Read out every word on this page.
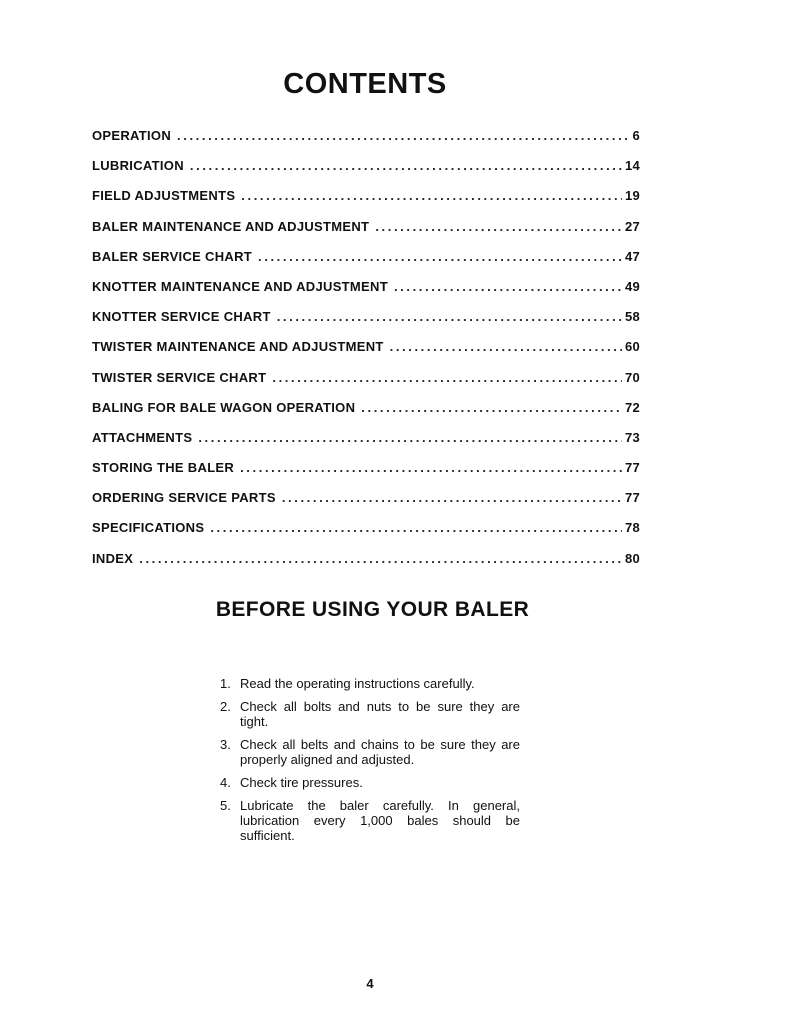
CONTENTS
OPERATION .....	6
LUBRICATION .....	14
FIELD ADJUSTMENTS .....	19
BALER MAINTENANCE AND ADJUSTMENT .....	27
BALER SERVICE CHART .....	47
KNOTTER MAINTENANCE AND ADJUSTMENT .....	49
KNOTTER SERVICE CHART .....	58
TWISTER MAINTENANCE AND ADJUSTMENT .....	60
TWISTER SERVICE CHART .....	70
BALING FOR BALE WAGON OPERATION .....	72
ATTACHMENTS .....	73
STORING THE BALER .....	77
ORDERING SERVICE PARTS .....	77
SPECIFICATIONS .....	78
INDEX .....	80
BEFORE USING YOUR BALER
1. Read the operating instructions carefully.
2. Check all bolts and nuts to be sure they are tight.
3. Check all belts and chains to be sure they are properly aligned and adjusted.
4. Check tire pressures.
5. Lubricate the baler carefully. In general, lubrication every 1,000 bales should be sufficient.
4
